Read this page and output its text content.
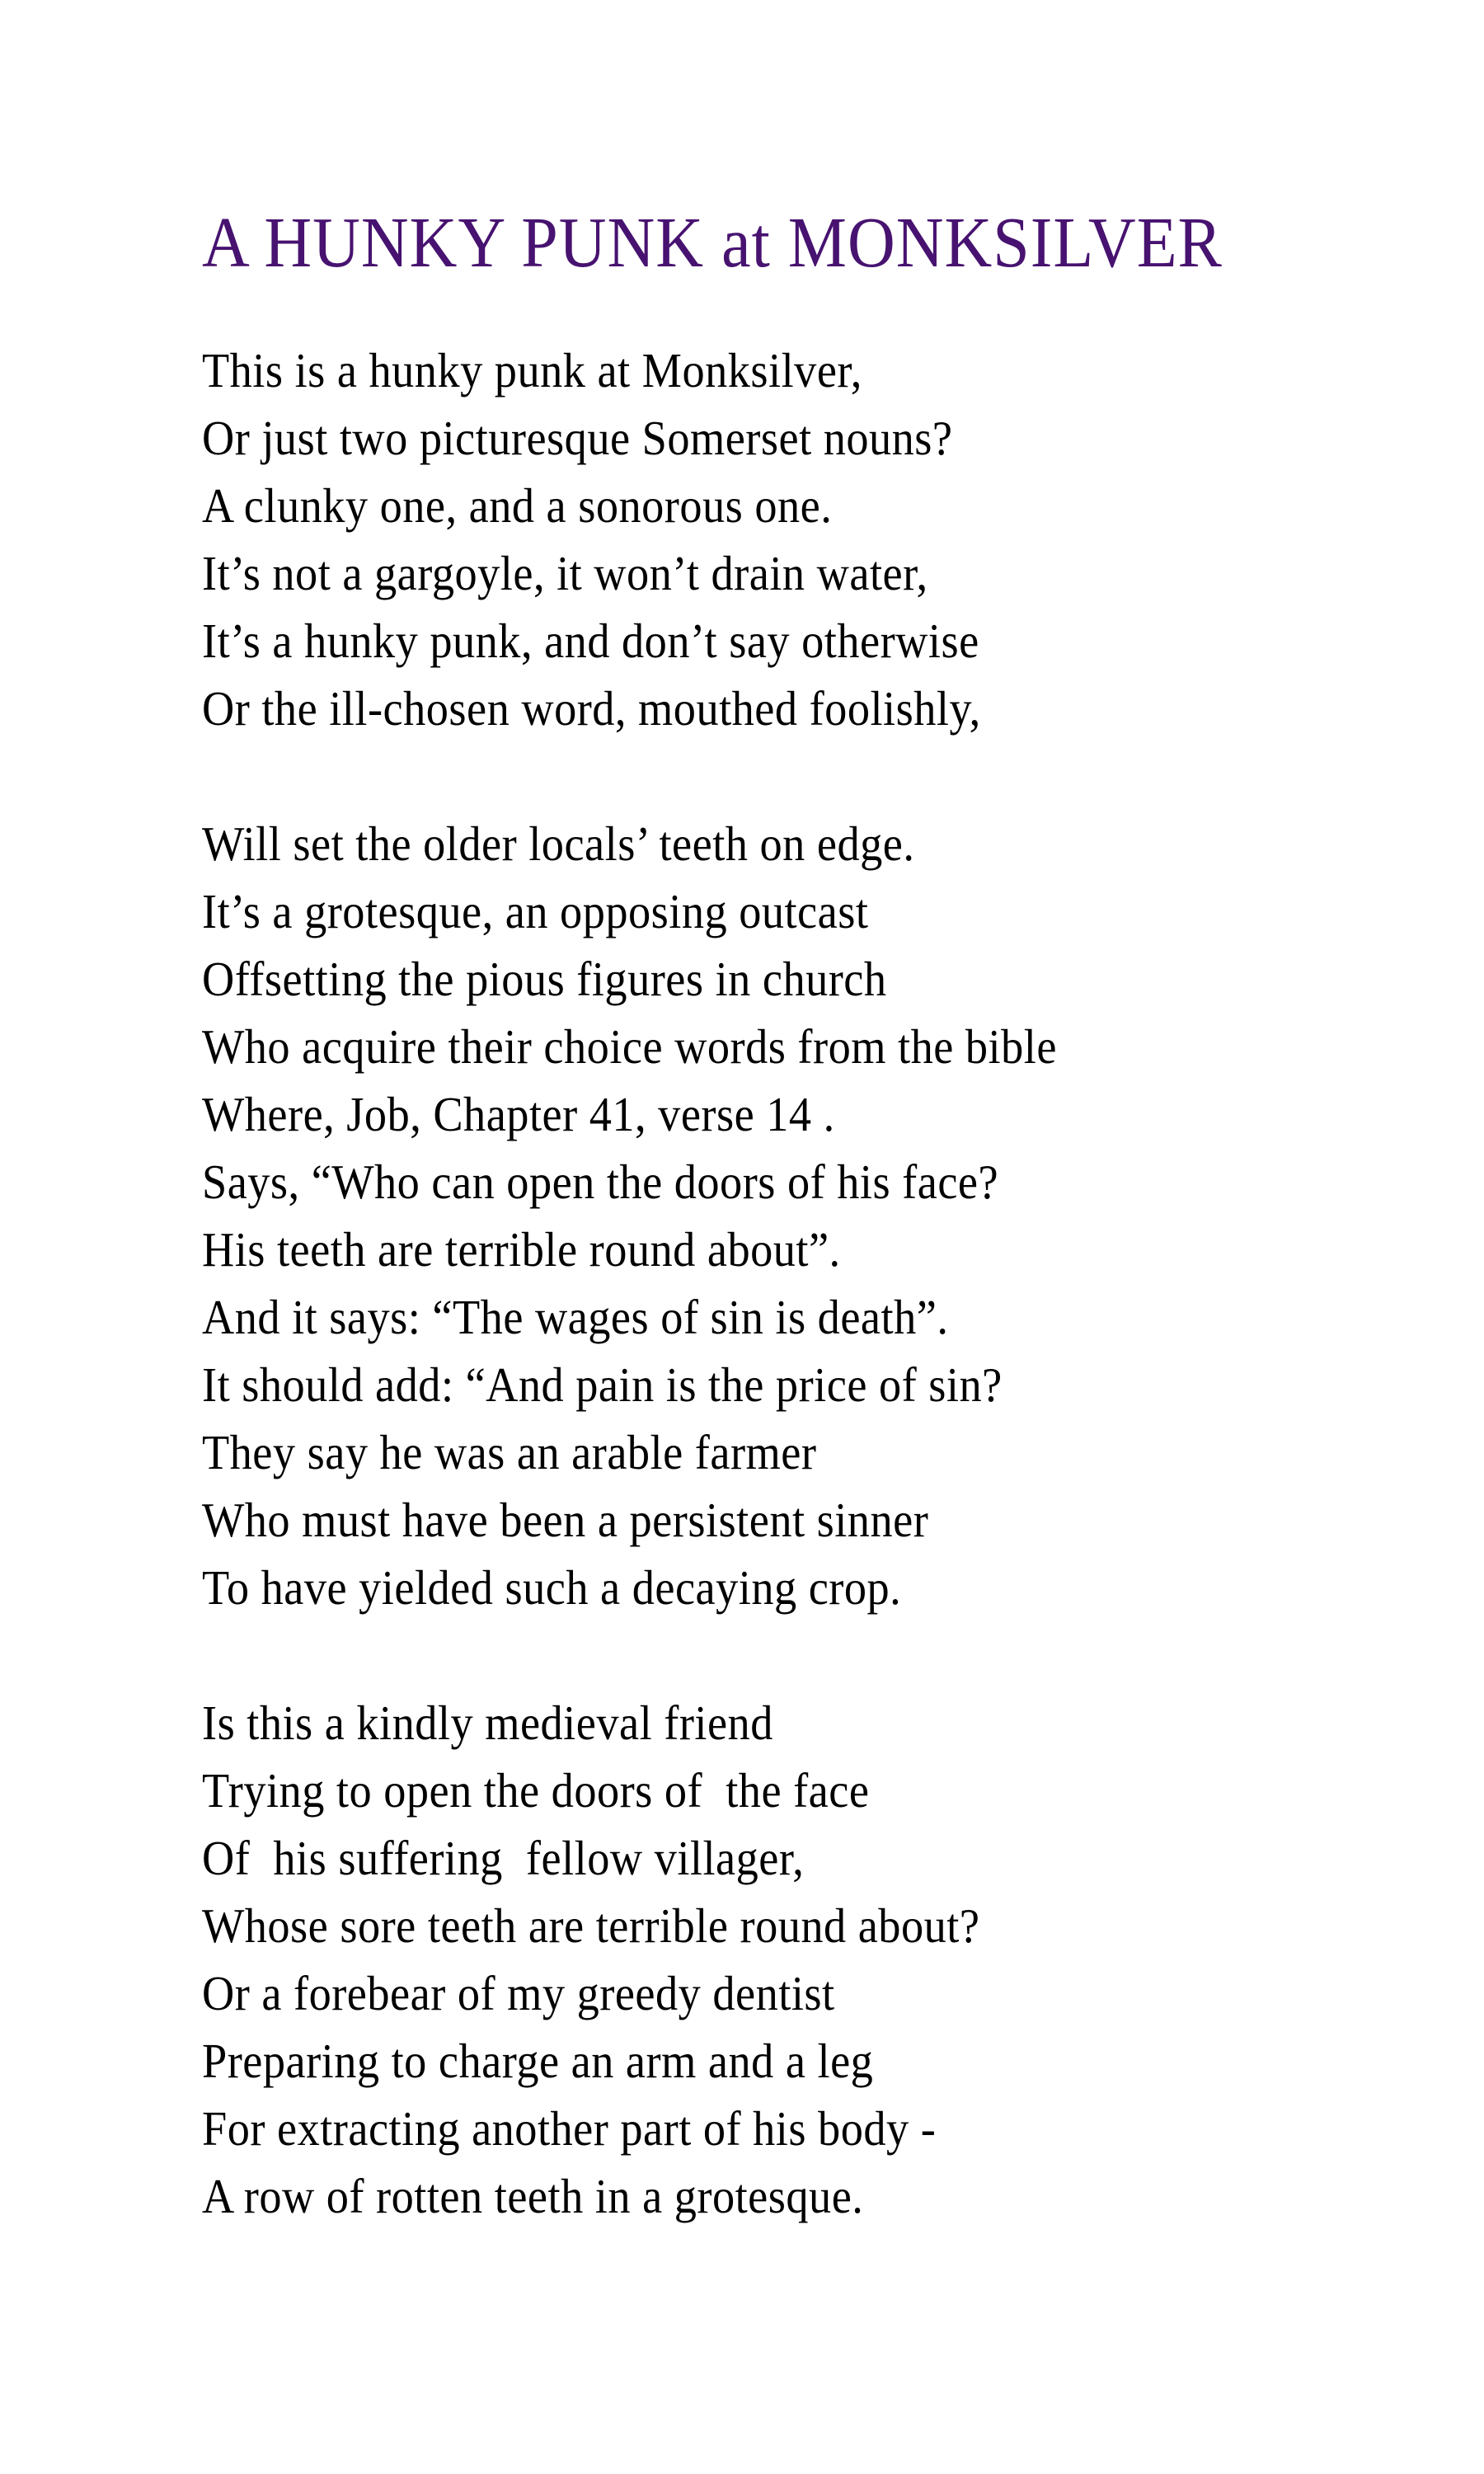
A HUNKY PUNK at MONKSILVER
This is a hunky punk at Monksilver,
Or just two picturesque Somerset nouns?
A clunky one, and a sonorous one.
It’s not a gargoyle, it won’t drain water,
It’s a hunky punk, and don’t say otherwise
Or the ill-chosen word, mouthed foolishly,
Will set the older locals’ teeth on edge.
It’s a grotesque, an opposing outcast
Offsetting the pious figures in church
Who acquire their choice words from the bible
Where, Job, Chapter 41, verse 14 .
Says, “Who can open the doors of his face?
His teeth are terrible round about”.
And it says: “The wages of sin is death”.
It should add: “And pain is the price of sin?
They say he was an arable farmer
Who must have been a persistent sinner
To have yielded such a decaying crop.
Is this a kindly medieval friend
Trying to open the doors of  the face
Of  his suffering  fellow villager,
Whose sore teeth are terrible round about?
Or a forebear of my greedy dentist
Preparing to charge an arm and a leg
For extracting another part of his body -
A row of rotten teeth in a grotesque.
